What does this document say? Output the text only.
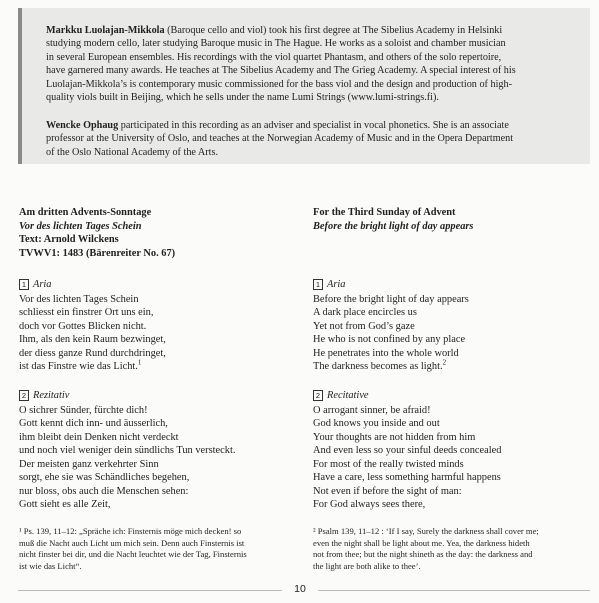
Markku Luolajan-Mikkola (Baroque cello and viol) took his first degree at The Sibelius Academy in Helsinki
studying modern cello, later studying Baroque music in The Hague. He works as a soloist and chamber musician
in several European ensembles. His recordings with the viol quartet Phantasm, and others of the solo repertoire,
have garnered many awards. He teaches at The Sibelius Academy and The Grieg Academy. A special interest of his
Luolajan-Mikkola’s is contemporary music commissioned for the bass viol and the design and production of high-
quality viols built in Beijing, which he sells under the name Lumi Strings (www.lumi-strings.fi).

Wencke Ophaug participated in this recording as an adviser and specialist in vocal phonetics. She is an associate
professor at the University of Oslo, and teaches at the Norwegian Academy of Music and in the Opera Department
of the Oslo National Academy of the Arts.

Am dritten Advents-Sonntage
Vor des lichten Tages Schein
Text: Arnold Wilckens
TVWV1: 1483 (Bärenreiter No. 67)
For the Third Sunday of Advent
Before the bright light of day appears
1 Aria
Vor des lichten Tages Schein
schliesst ein finstrer Ort uns ein,
doch vor Gottes Blicken nicht.
Ihm, als den kein Raum bezwinget,
der diess ganze Rund durchdringet,
ist das Finstre wie das Licht.$^1$
1 Aria
Before the bright light of day appears
A dark place encircles us
Yet not from God’s gaze
He who is not confined by any place
He penetrates into the whole world
The darkness becomes as light.$^2$
2 Rezitativ
O sichrer Sünder, fürchte dich!
Gott kennt dich inn- und äusserlich,
ihm bleibt dein Denken nicht verdeckt
und noch viel weniger dein sündlichs Tun versteckt.
Der meisten ganz verkehrter Sinn
sorgt, ehe sie was Schändliches begehen,
nur bloss, obs auch die Menschen sehen:
Gott sieht es alle Zeit,
2 Recitative
O arrogant sinner, be afraid!
God knows you inside and out
Your thoughts are not hidden from him
And even less so your sinful deeds concealed
For most of the really twisted minds
Have a care, less something harmful happens
Not even if before the sight of man:
For God always sees there,
¹ Ps. 139, 11–12: „Spräche ich: Finsternis möge mich decken! so
muß die Nacht auch Licht um mich sein. Denn auch Finsternis ist
nicht finster bei dir, und die Nacht leuchtet wie der Tag, Finsternis
ist wie das Licht“.
² Psalm 139, 11–12 : ‘If I say, Surely the darkness shall cover me;
even the night shall be light about me. Yea, the darkness hideth
not from thee; but the night shineth as the day: the darkness and
the light are both alike to thee’.
10
